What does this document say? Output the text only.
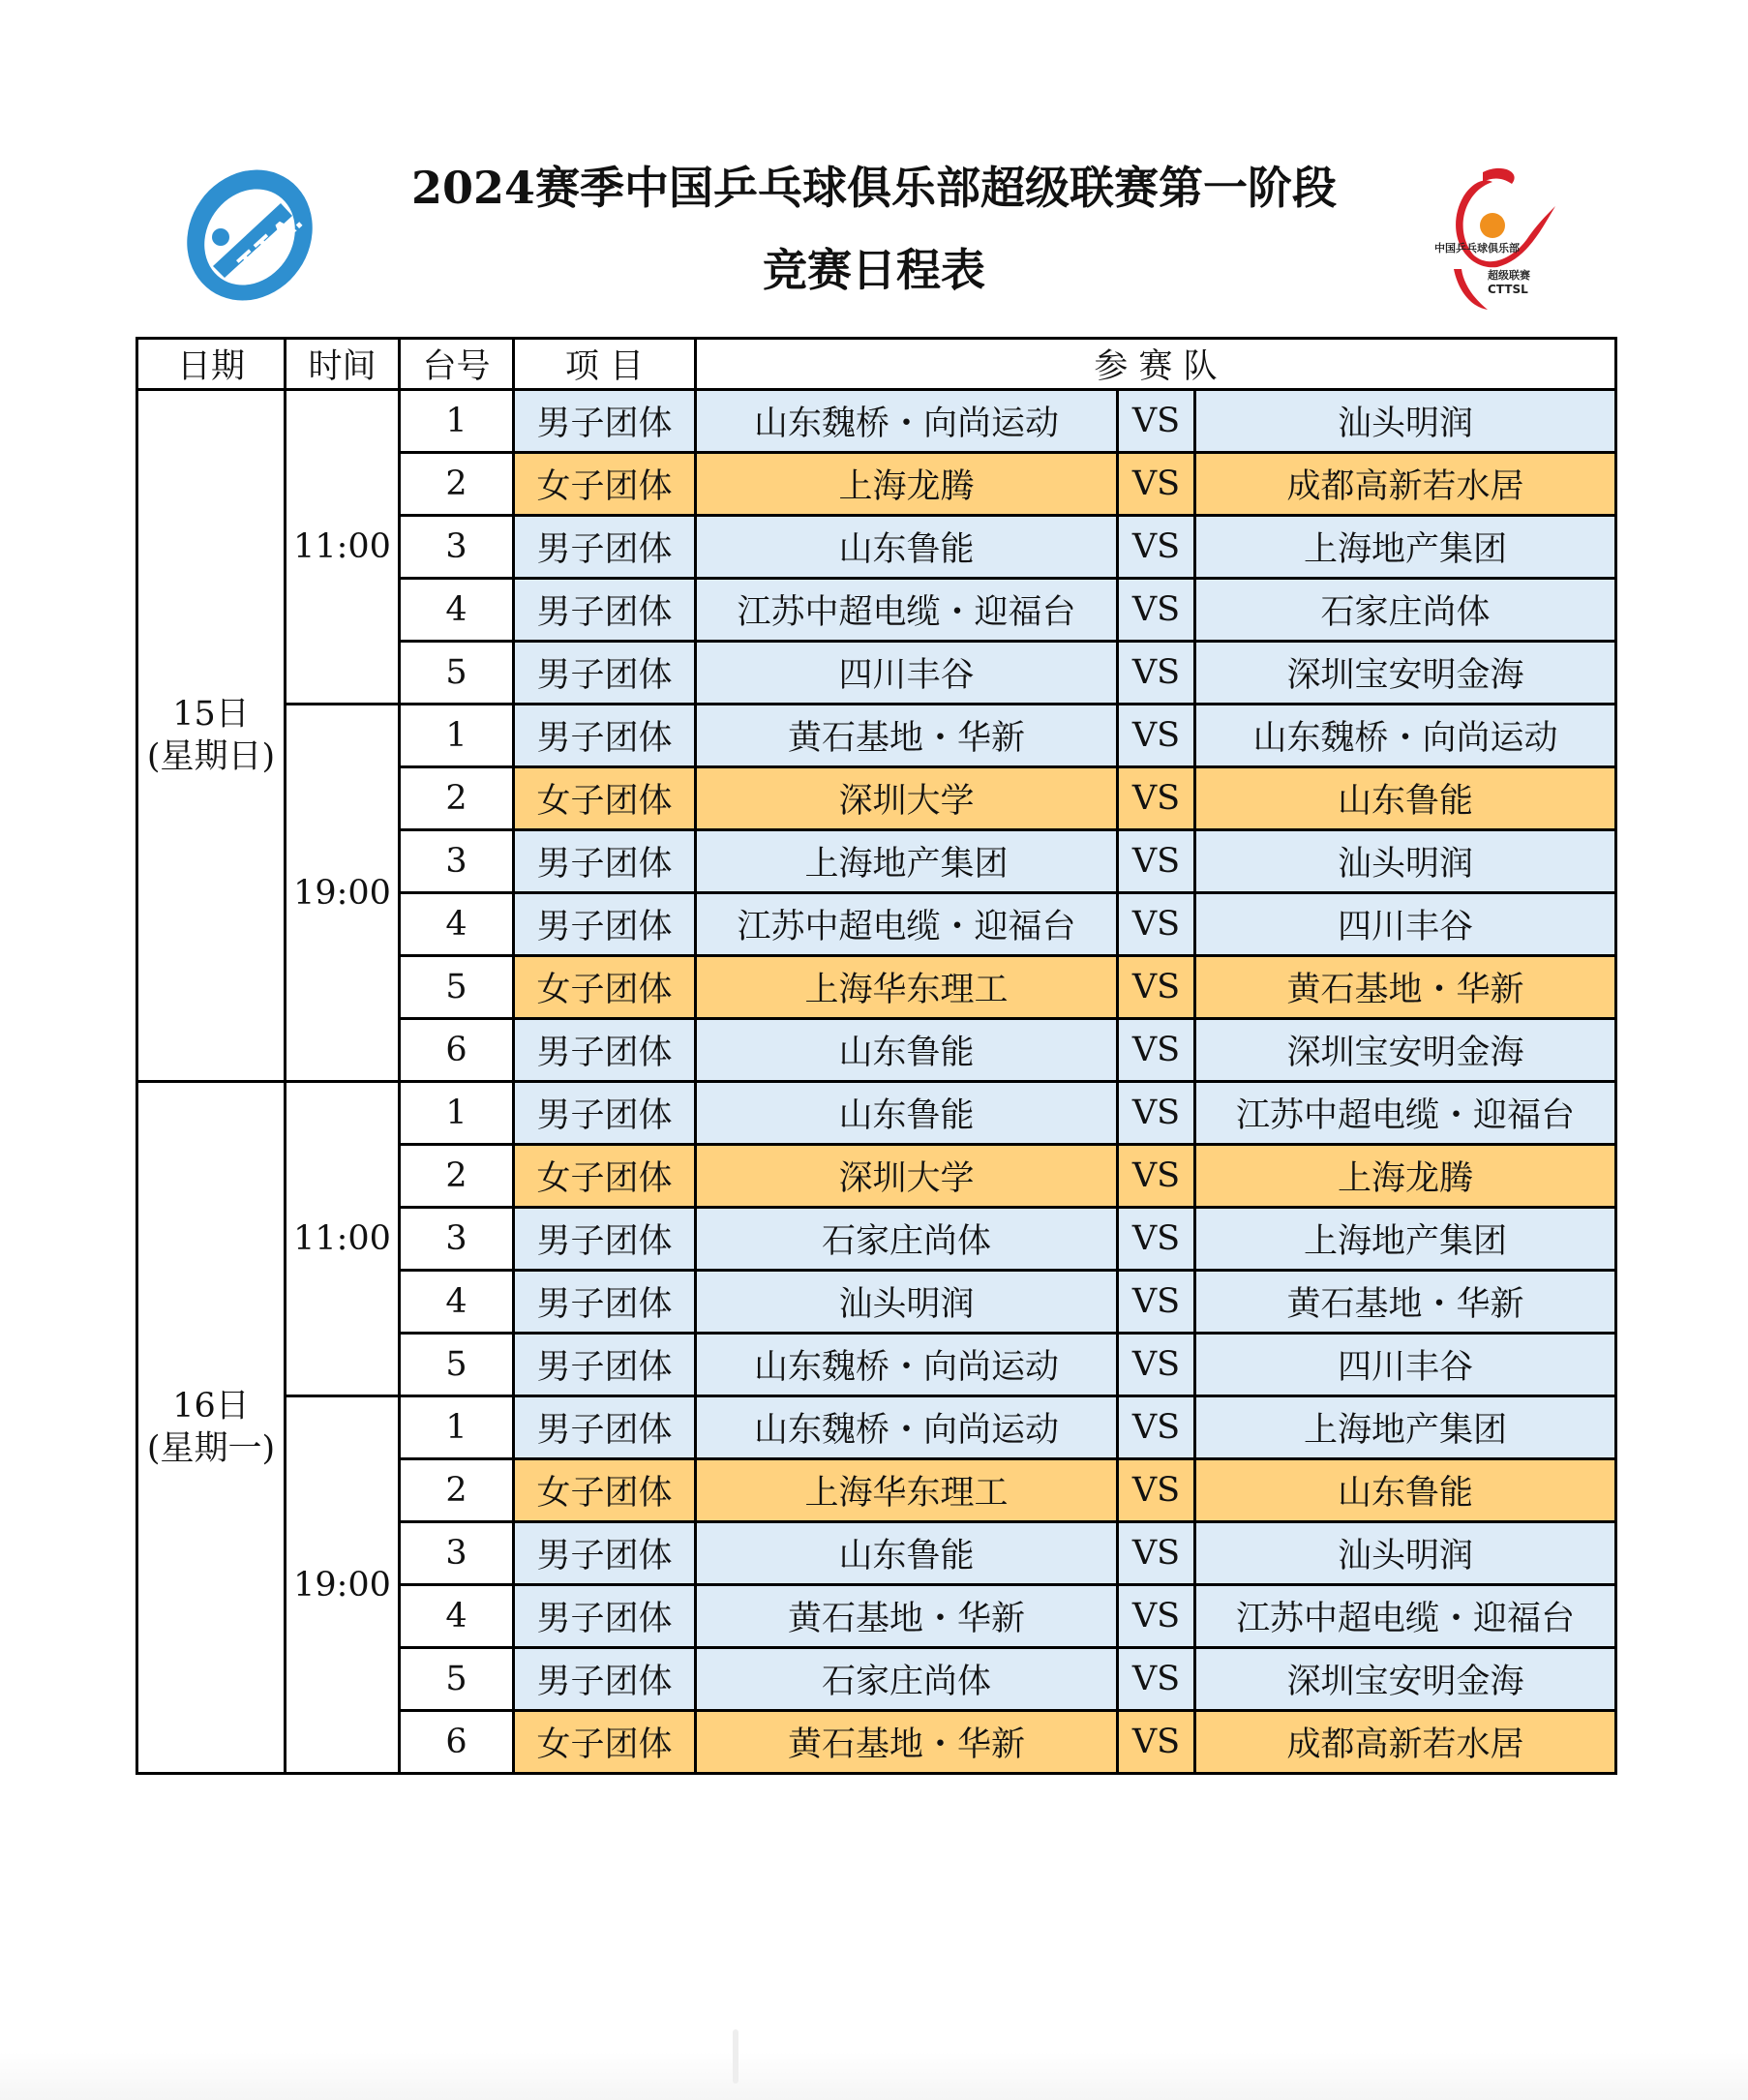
T.T.A.
2024赛季中国乒乓球俱乐部超级联赛第一阶段
竞赛日程表	中国乒乓球俱乐部
超级联赛
CTTSL
日期	时间	台号	项 目	参 赛 队		

15日
(星期日)	11:00	1	男子团体	山东魏桥・向尚运动	VS	汕头明润
		2	女子团体	上海龙腾	VS	成都高新若水居
		3	男子团体	山东鲁能	VS	上海地产集团
		4	男子团体	江苏中超电缆・迎福台	VS	石家庄尚体
		5	男子团体	四川丰谷	VS	深圳宝安明金海
	19:00	1	男子团体	黄石基地・华新	VS	山东魏桥・向尚运动
		2	女子团体	深圳大学	VS	山东鲁能
		3	男子团体	上海地产集团	VS	汕头明润
		4	男子团体	江苏中超电缆・迎福台	VS	四川丰谷
		5	女子团体	上海华东理工	VS	黄石基地・华新
		6	男子团体	山东鲁能	VS	深圳宝安明金海

16日
(星期一)	11:00	1	男子团体	山东鲁能	VS	江苏中超电缆・迎福台
		2	女子团体	深圳大学	VS	上海龙腾
		3	男子团体	石家庄尚体	VS	上海地产集团
		4	男子团体	汕头明润	VS	黄石基地・华新
		5	男子团体	山东魏桥・向尚运动	VS	四川丰谷
	19:00	1	男子团体	山东魏桥・向尚运动	VS	上海地产集团
		2	女子团体	上海华东理工	VS	山东鲁能
		3	男子团体	山东鲁能	VS	汕头明润
		4	男子团体	黄石基地・华新	VS	江苏中超电缆・迎福台
		5	男子团体	石家庄尚体	VS	深圳宝安明金海
		6	女子团体	黄石基地・华新	VS	成都高新若水居
